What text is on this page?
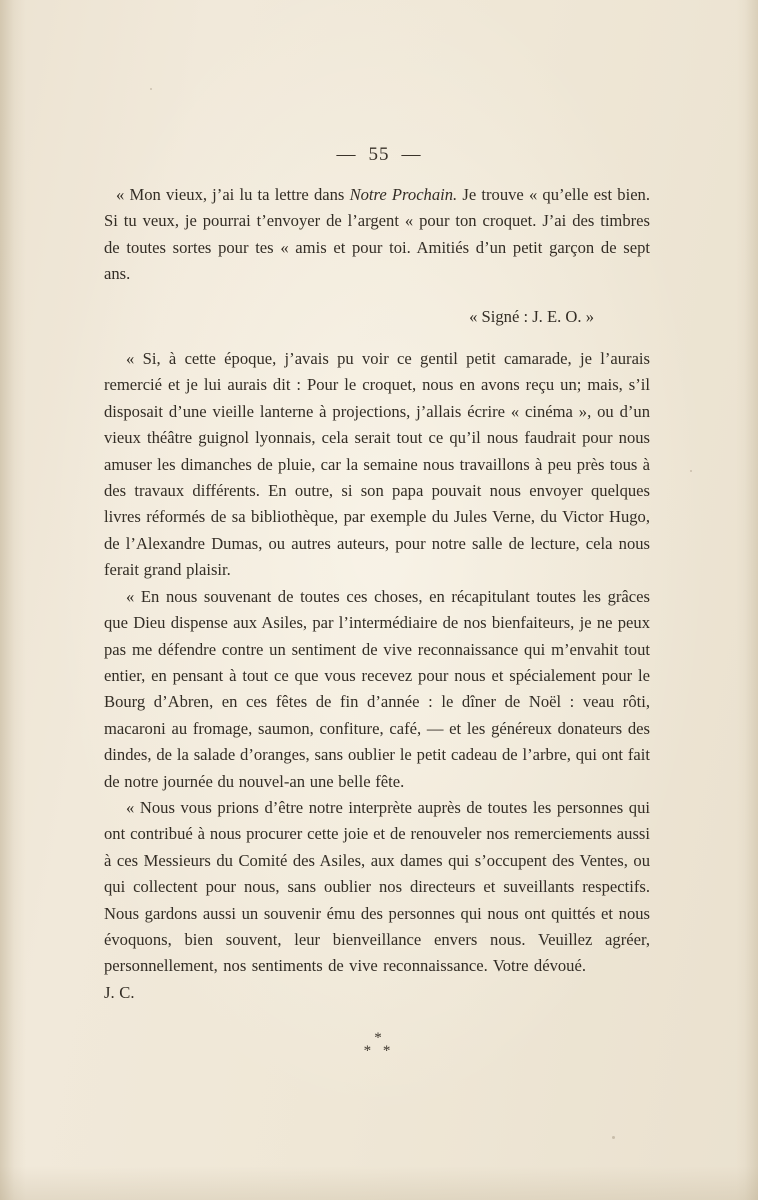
— 55 —

« Mon vieux, j’ai lu ta lettre dans Notre Prochain. Je trouve « qu’elle est bien. Si tu veux, je pourrai t’envoyer de l’argent « pour ton croquet. J’ai des timbres de toutes sortes pour tes « amis et pour toi. Amitiés d’un petit garçon de sept ans.

« Signé : J. E. O. »

« Si, à cette époque, j’avais pu voir ce gentil petit camarade, je l’aurais remercié et je lui aurais dit : Pour le croquet, nous en avons reçu un; mais, s’il disposait d’une vieille lanterne à projections, j’allais écrire « cinéma », ou d’un vieux théâtre guignol lyonnais, cela serait tout ce qu’il nous faudrait pour nous amuser les dimanches de pluie, car la semaine nous travaillons à peu près tous à des travaux différents. En outre, si son papa pouvait nous envoyer quelques livres réformés de sa bibliothèque, par exemple du Jules Verne, du Victor Hugo, de l’Alexandre Dumas, ou autres auteurs, pour notre salle de lecture, cela nous ferait grand plaisir.

« En nous souvenant de toutes ces choses, en récapitulant toutes les grâces que Dieu dispense aux Asiles, par l’intermédiaire de nos bienfaiteurs, je ne peux pas me défendre contre un sentiment de vive reconnaissance qui m’envahit tout entier, en pensant à tout ce que vous recevez pour nous et spécialement pour le Bourg d’Abren, en ces fêtes de fin d’année : le dîner de Noël : veau rôti, macaroni au fromage, saumon, confiture, café, — et les généreux donateurs des dindes, de la salade d’oranges, sans oublier le petit cadeau de l’arbre, qui ont fait de notre journée du nouvel-an une belle fête.

« Nous vous prions d’être notre interprète auprès de toutes les personnes qui ont contribué à nous procurer cette joie et de renouveler nos remerciements aussi à ces Messieurs du Comité des Asiles, aux dames qui s’occupent des Ventes, ou qui collectent pour nous, sans oublier nos directeurs et suveillants respectifs. Nous gardons aussi un souvenir ému des personnes qui nous ont quittés et nous évoquons, bien souvent, leur bienveillance envers nous. Veuillez agréer, personnellement, nos sentiments de vive reconnaissance. Votre dévoué.J. C.

*
* *
